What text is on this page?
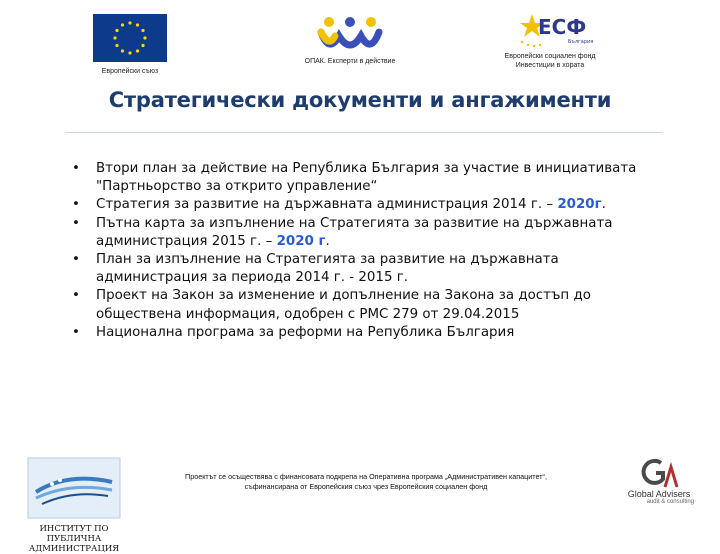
Европейски съюз
ОПАК. Експерти в действие
ЕСФ
България
Европейски социален фонд
Инвестиции в хората
Стратегически документи и ангажименти
• Втори план за действие на Република България за участие в инициативата "Партньорство за открито управление“
• Стратегия за развитие на държавната администрация 2014 г. – 2020г.
• Пътна карта за изпълнение на Стратегията за развитие на държавната администрация 2015 г. – 2020 г.
• План за изпълнение на Стратегията за развитие на държавната администрация за периода 2014 г. - 2015 г.
• Проект на Закон за изменение и допълнение на Закона за достъп до обществена информация, одобрен с РМС 279 от 29.04.2015
• Национална програма за реформи на Република България
ИНСТИТУТ ПО ПУБЛИЧНА
АДМИНИСТРАЦИЯ
Проектът се осъществява с финансовата подкрепа на Оперативна програма „Административен капацитет“, съфинансирана от Европейския съюз чрез Европейския социален фонд
Global Advisers
audit & consulting
